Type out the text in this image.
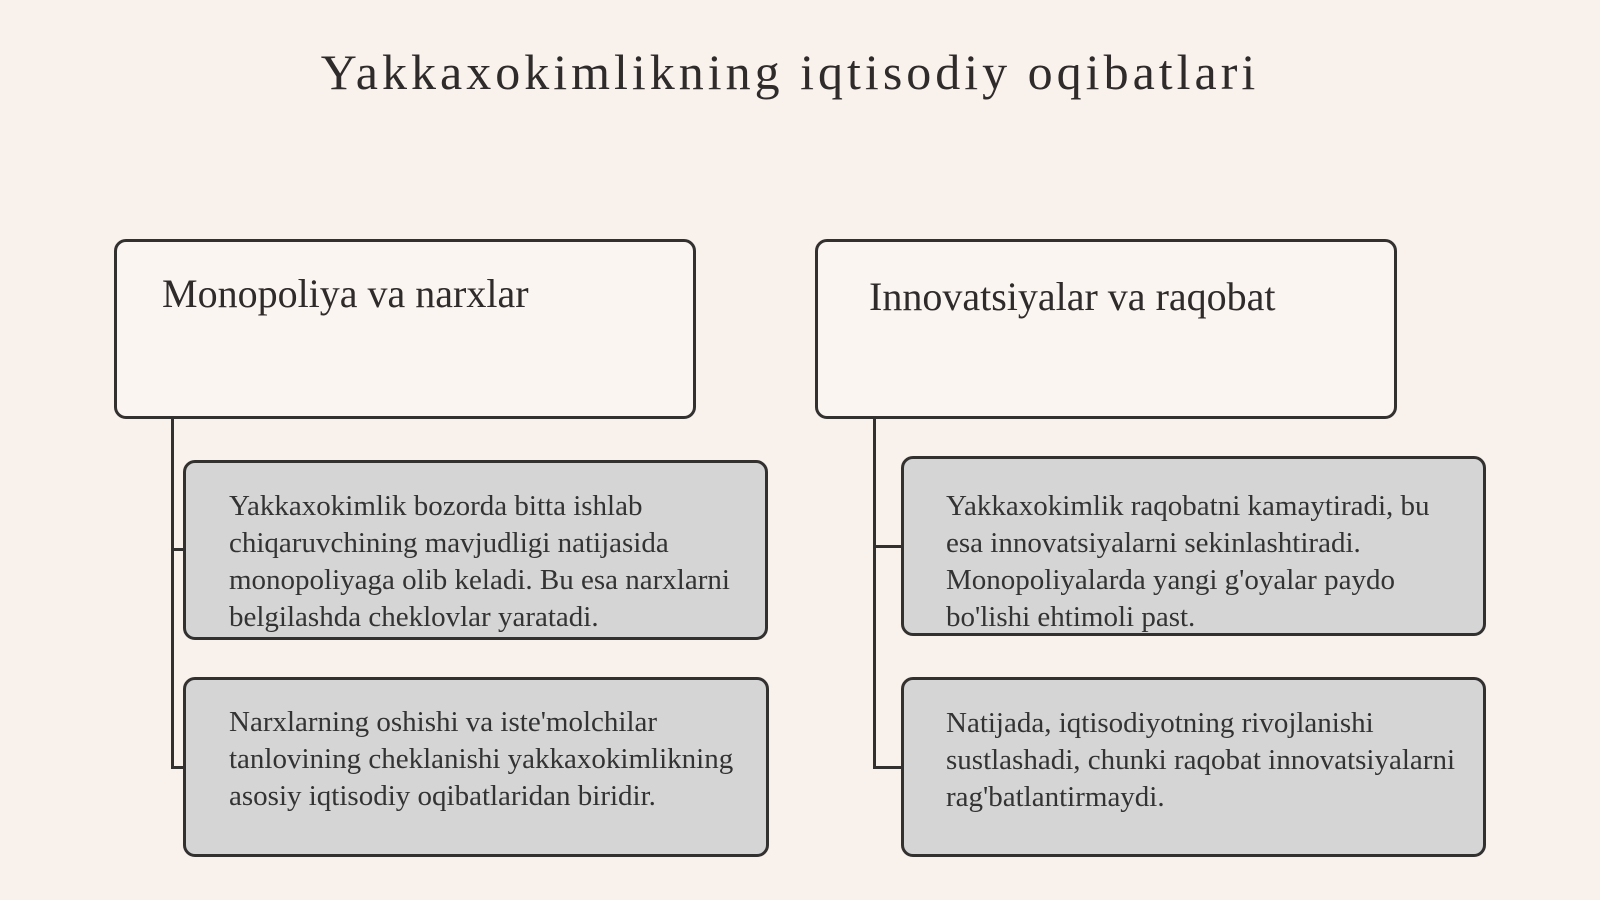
Yakkaxokimlikning iqtisodiy oqibatlari
Monopoliya va narxlar
Yakkaxokimlik bozorda bitta ishlab chiqaruvchining mavjudligi natijasida monopoliyaga olib keladi. Bu esa narxlarni belgilashda cheklovlar yaratadi.
Narxlarning oshishi va iste'molchilar tanlovining cheklanishi yakkaxokimlikning asosiy iqtisodiy oqibatlaridan biridir.
Innovatsiyalar va raqobat
Yakkaxokimlik raqobatni kamaytiradi, bu esa innovatsiyalarni sekinlashtiradi. Monopoliyalarda yangi g'oyalar paydo bo'lishi ehtimoli past.
Natijada, iqtisodiyotning rivojlanishi sustlashadi, chunki raqobat innovatsiyalarni rag'batlantirmaydi.
